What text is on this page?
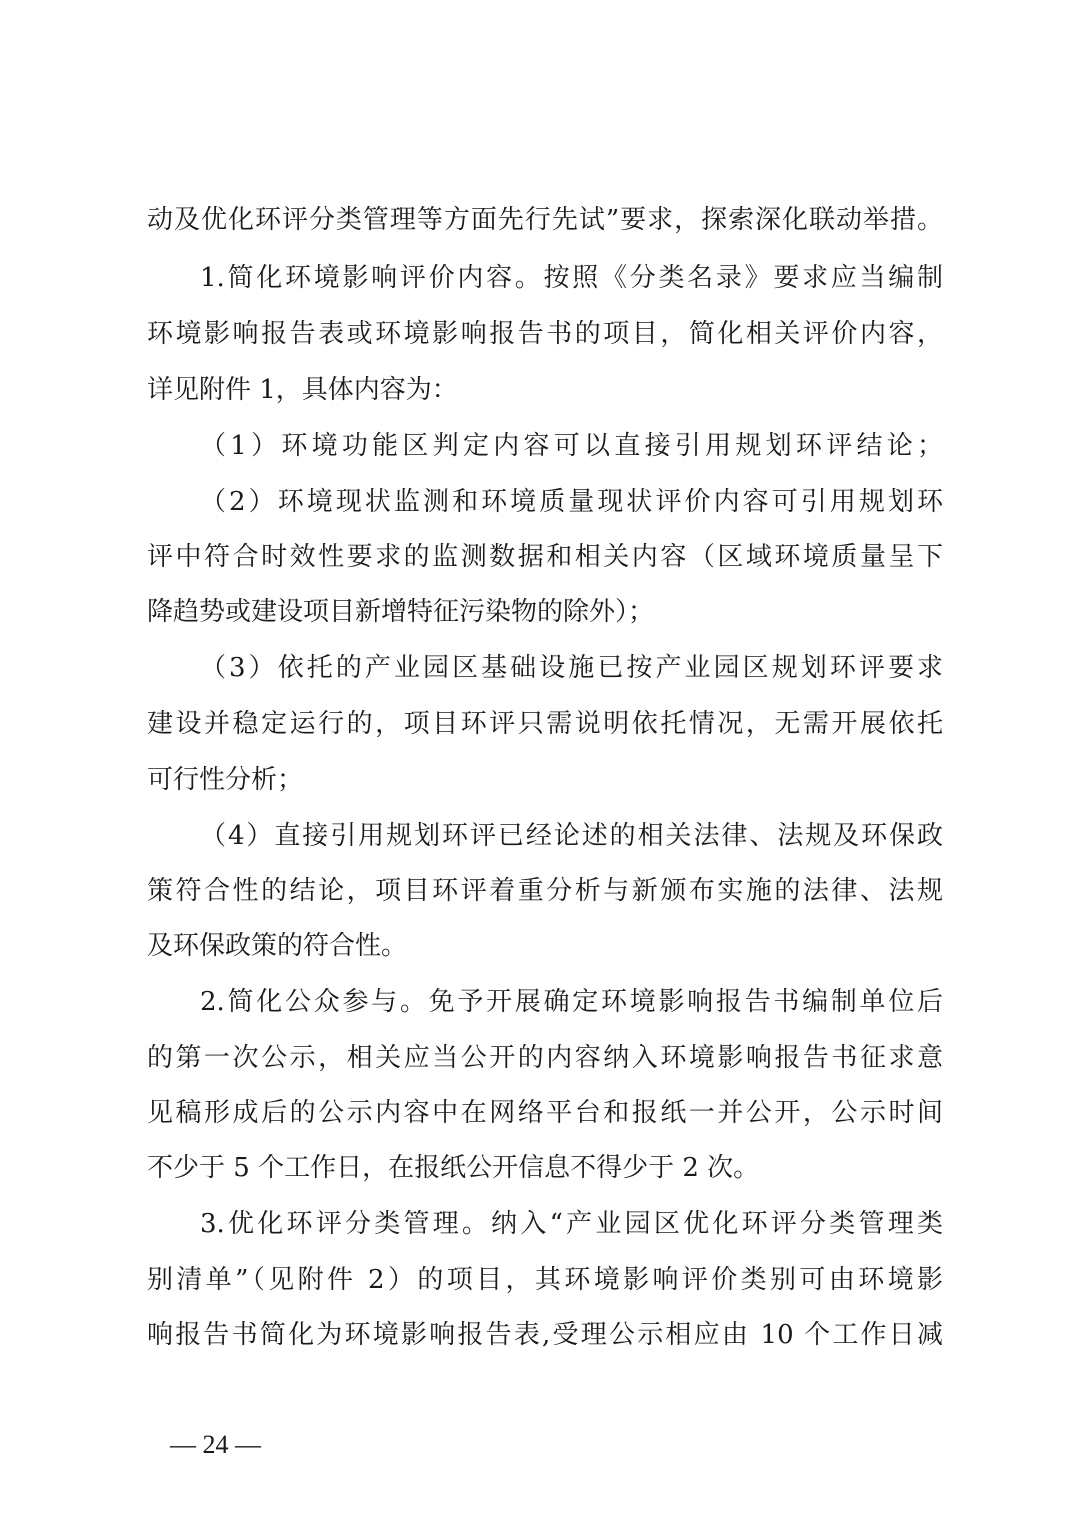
动及优化环评分类管理等方面先行先试”要求，探索深化联动举措。
1.简化环境影响评价内容。按照《分类名录》要求应当编制
环境影响报告表或环境影响报告书的项目，简化相关评价内容，
详见附件 1，具体内容为：
（1）环境功能区判定内容可以直接引用规划环评结论；
（2）环境现状监测和环境质量现状评价内容可引用规划环
评中符合时效性要求的监测数据和相关内容（区域环境质量呈下
降趋势或建设项目新增特征污染物的除外）；
（3）依托的产业园区基础设施已按产业园区规划环评要求
建设并稳定运行的，项目环评只需说明依托情况，无需开展依托
可行性分析；
（4）直接引用规划环评已经论述的相关法律、法规及环保政
策符合性的结论，项目环评着重分析与新颁布实施的法律、法规
及环保政策的符合性。
2.简化公众参与。免予开展确定环境影响报告书编制单位后
的第一次公示，相关应当公开的内容纳入环境影响报告书征求意
见稿形成后的公示内容中在网络平台和报纸一并公开，公示时间
不少于 5 个工作日，在报纸公开信息不得少于 2 次。
3.优化环评分类管理。纳入“产业园区优化环评分类管理类
别清单”（见附件 2）的项目，其环境影响评价类别可由环境影
响报告书简化为环境影响报告表,受理公示相应由 10 个工作日减
— 24 —
